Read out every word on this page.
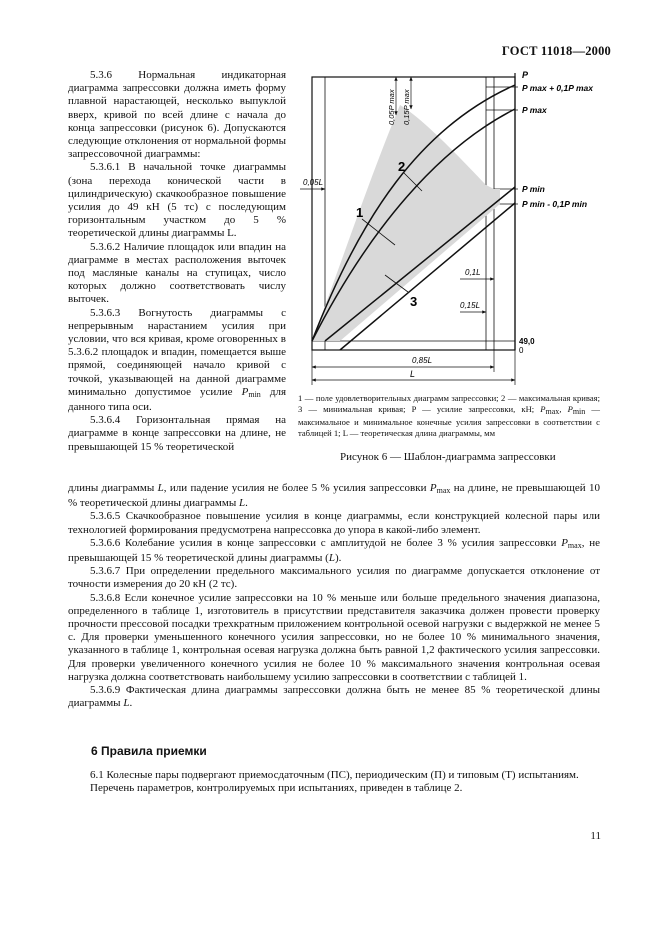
ГОСТ 11018—2000

5.3.6 Нормальная индикаторная диаграмма запрессовки должна иметь форму плавной нарастающей, несколько выпуклой вверх, кривой по всей длине с начала до конца запрессовки (рисунок 6). Допускаются следующие отклонения от нормальной формы запрессовочной диаграммы:

5.3.6.1 В начальной точке диаграммы (зона перехода конической части в цилиндрическую) скачкообразное повышение усилия до 49 кН (5 тс) с последующим горизонтальным участком до 5 % теоретической длины диаграммы L.

5.3.6.2 Наличие площадок или впадин на диаграмме в местах расположения выточек под масляные каналы на ступицах, число которых должно соответствовать числу выточек.

5.3.6.3 Вогнутость диаграммы с непрерывным нарастанием усилия при условии, что вся кривая, кроме оговоренных в 5.3.6.2 площадок и впадин, помещается выше прямой, соединяющей начало кривой с точкой, указывающей на данной диаграмме минимально допустимое усилие $P_{min}$ для данного типа оси.

5.3.6.4 Горизонтальная прямая на диаграмме в конце запрессовки на длине, не превышающей 15 % теоретической

P
P max + 0,1P max
P max
P min
P min - 0,1P min
0,05P max 0,15P max
0,05L
0,1L
0,15L
0,85L
L
49,0
0
1
2
3
1 — поле удовлетворительных диаграмм запрессовки; 2 — максимальная кривая; 3 — минимальная кривая; P — усилие запрессовки, кН; Pmax, Pmin — максимальное и минимальное конечные усилия запрессовки в соответствии с таблицей 1; L — теоретическая длина диаграммы, мм
Рисунок 6 — Шаблон-диаграмма запрессовки

длины диаграммы L, или падение усилия не более 5 % усилия запрессовки $P_{max}$ на длине, не превышающей 10 % теоретической длины диаграммы L.

5.3.6.5 Скачкообразное повышение усилия в конце диаграммы, если конструкцией колесной пары или технологией формирования предусмотрена напрессовка до упора в какой-либо элемент.

5.3.6.6 Колебание усилия в конце запрессовки с амплитудой не более 3 % усилия запрессовки $P_{max}$, не превышающей 15 % теоретической длины диаграммы (L).

5.3.6.7 При определении предельного максимального усилия по диаграмме допускается отклонение от точности измерения до 20 кН (2 тс).

5.3.6.8 Если конечное усилие запрессовки на 10 % меньше или больше предельного значения диапазона, определенного в таблице 1, изготовитель в присутствии представителя заказчика должен провести проверку прочности прессовой посадки трехкратным приложением контрольной осевой нагрузки с выдержкой не менее 5 с. Для проверки уменьшенного конечного усилия запрессовки, но не более 10 % минимального значения, указанного в таблице 1, контрольная осевая нагрузка должна быть равной 1,2 фактического усилия запрессовки. Для проверки увеличенного конечного усилия не более 10 % максимального значения контрольная осевая нагрузка должна соответствовать наибольшему усилию запрессовки в соответствии с таблицей 1.

5.3.6.9 Фактическая длина диаграммы запрессовки должна быть не менее 85 % теоретической длины диаграммы L.

6 Правила приемки

6.1 Колесные пары подвергают приемосдаточным (ПС), периодическим (П) и типовым (Т) испытаниям.

Перечень параметров, контролируемых при испытаниях, приведен в таблице 2.

11
